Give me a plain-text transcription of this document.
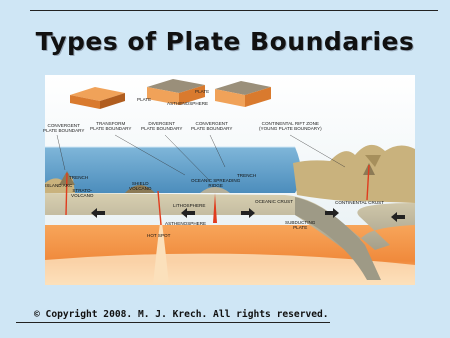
Types of Plate Boundaries
PLATE
PLATE
ASTHENOSPHERE
CONVERGENT
PLATE BOUNDARY
TRANSFORM
PLATE BOUNDARY
DIVERGENT
PLATE BOUNDARY
CONVERGENT
PLATE BOUNDARY
CONTINENTAL RIFT ZONE
(YOUNG PLATE BOUNDARY)
TRENCH
ISLAND ARC
STRATO-
VOLCANO
SHIELD
VOLCANO
OCEANIC SPREADING
RIDGE
TRENCH
OCEANIC CRUST	CONTINENTAL CRUST
LITHOSPHERE
ASTHENOSPHERE
HOT SPOT
SUBDUCTING
PLATE
© Copyright 2008. M. J. Krech. All rights reserved.
